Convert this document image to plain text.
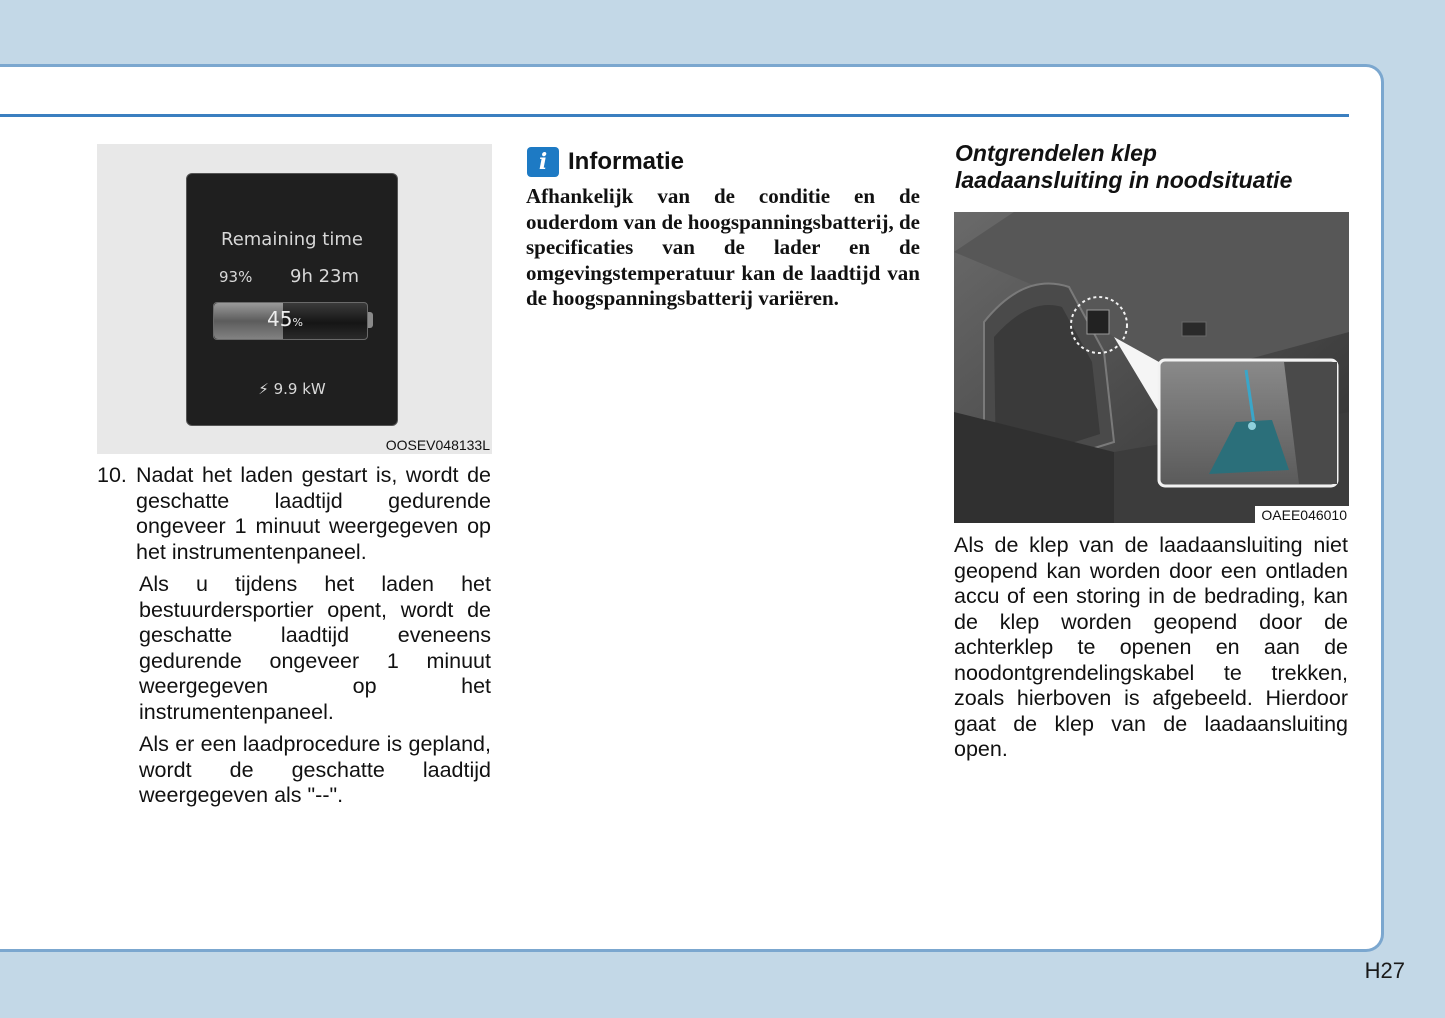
Remaining time
93% 9h 23m
45%
⚡ 9.9 kW
OOSEV048133L
10. Nadat het laden gestart is, wordt de geschatte laadtijd gedurende ongeveer 1 minuut weergegeven op het instrumentenpaneel.

Als u tijdens het laden het bestuurdersportier opent, wordt de geschatte laadtijd eveneens gedurende ongeveer 1 minuut weergegeven op het instrumentenpaneel.

Als er een laadprocedure is gepland, wordt de geschatte laadtijd weergegeven als "--".

i Informatie
Afhankelijk van de conditie en de ouderdom van de hoogspanningsbatterij, de specificaties van de lader en de omgevingstemperatuur kan de laadtijd van de hoogspanningsbatterij variëren.
Ontgrendelen klep
laadaansluiting in noodsituatie
OAEE046010
Als de klep van de laadaansluiting niet geopend kan worden door een ontladen accu of een storing in de bedrading, kan de klep worden geopend door de achterklep te openen en aan de noodontgrendelingskabel te trekken, zoals hierboven is afgebeeld. Hierdoor gaat de klep van de laadaansluiting open.
H27
